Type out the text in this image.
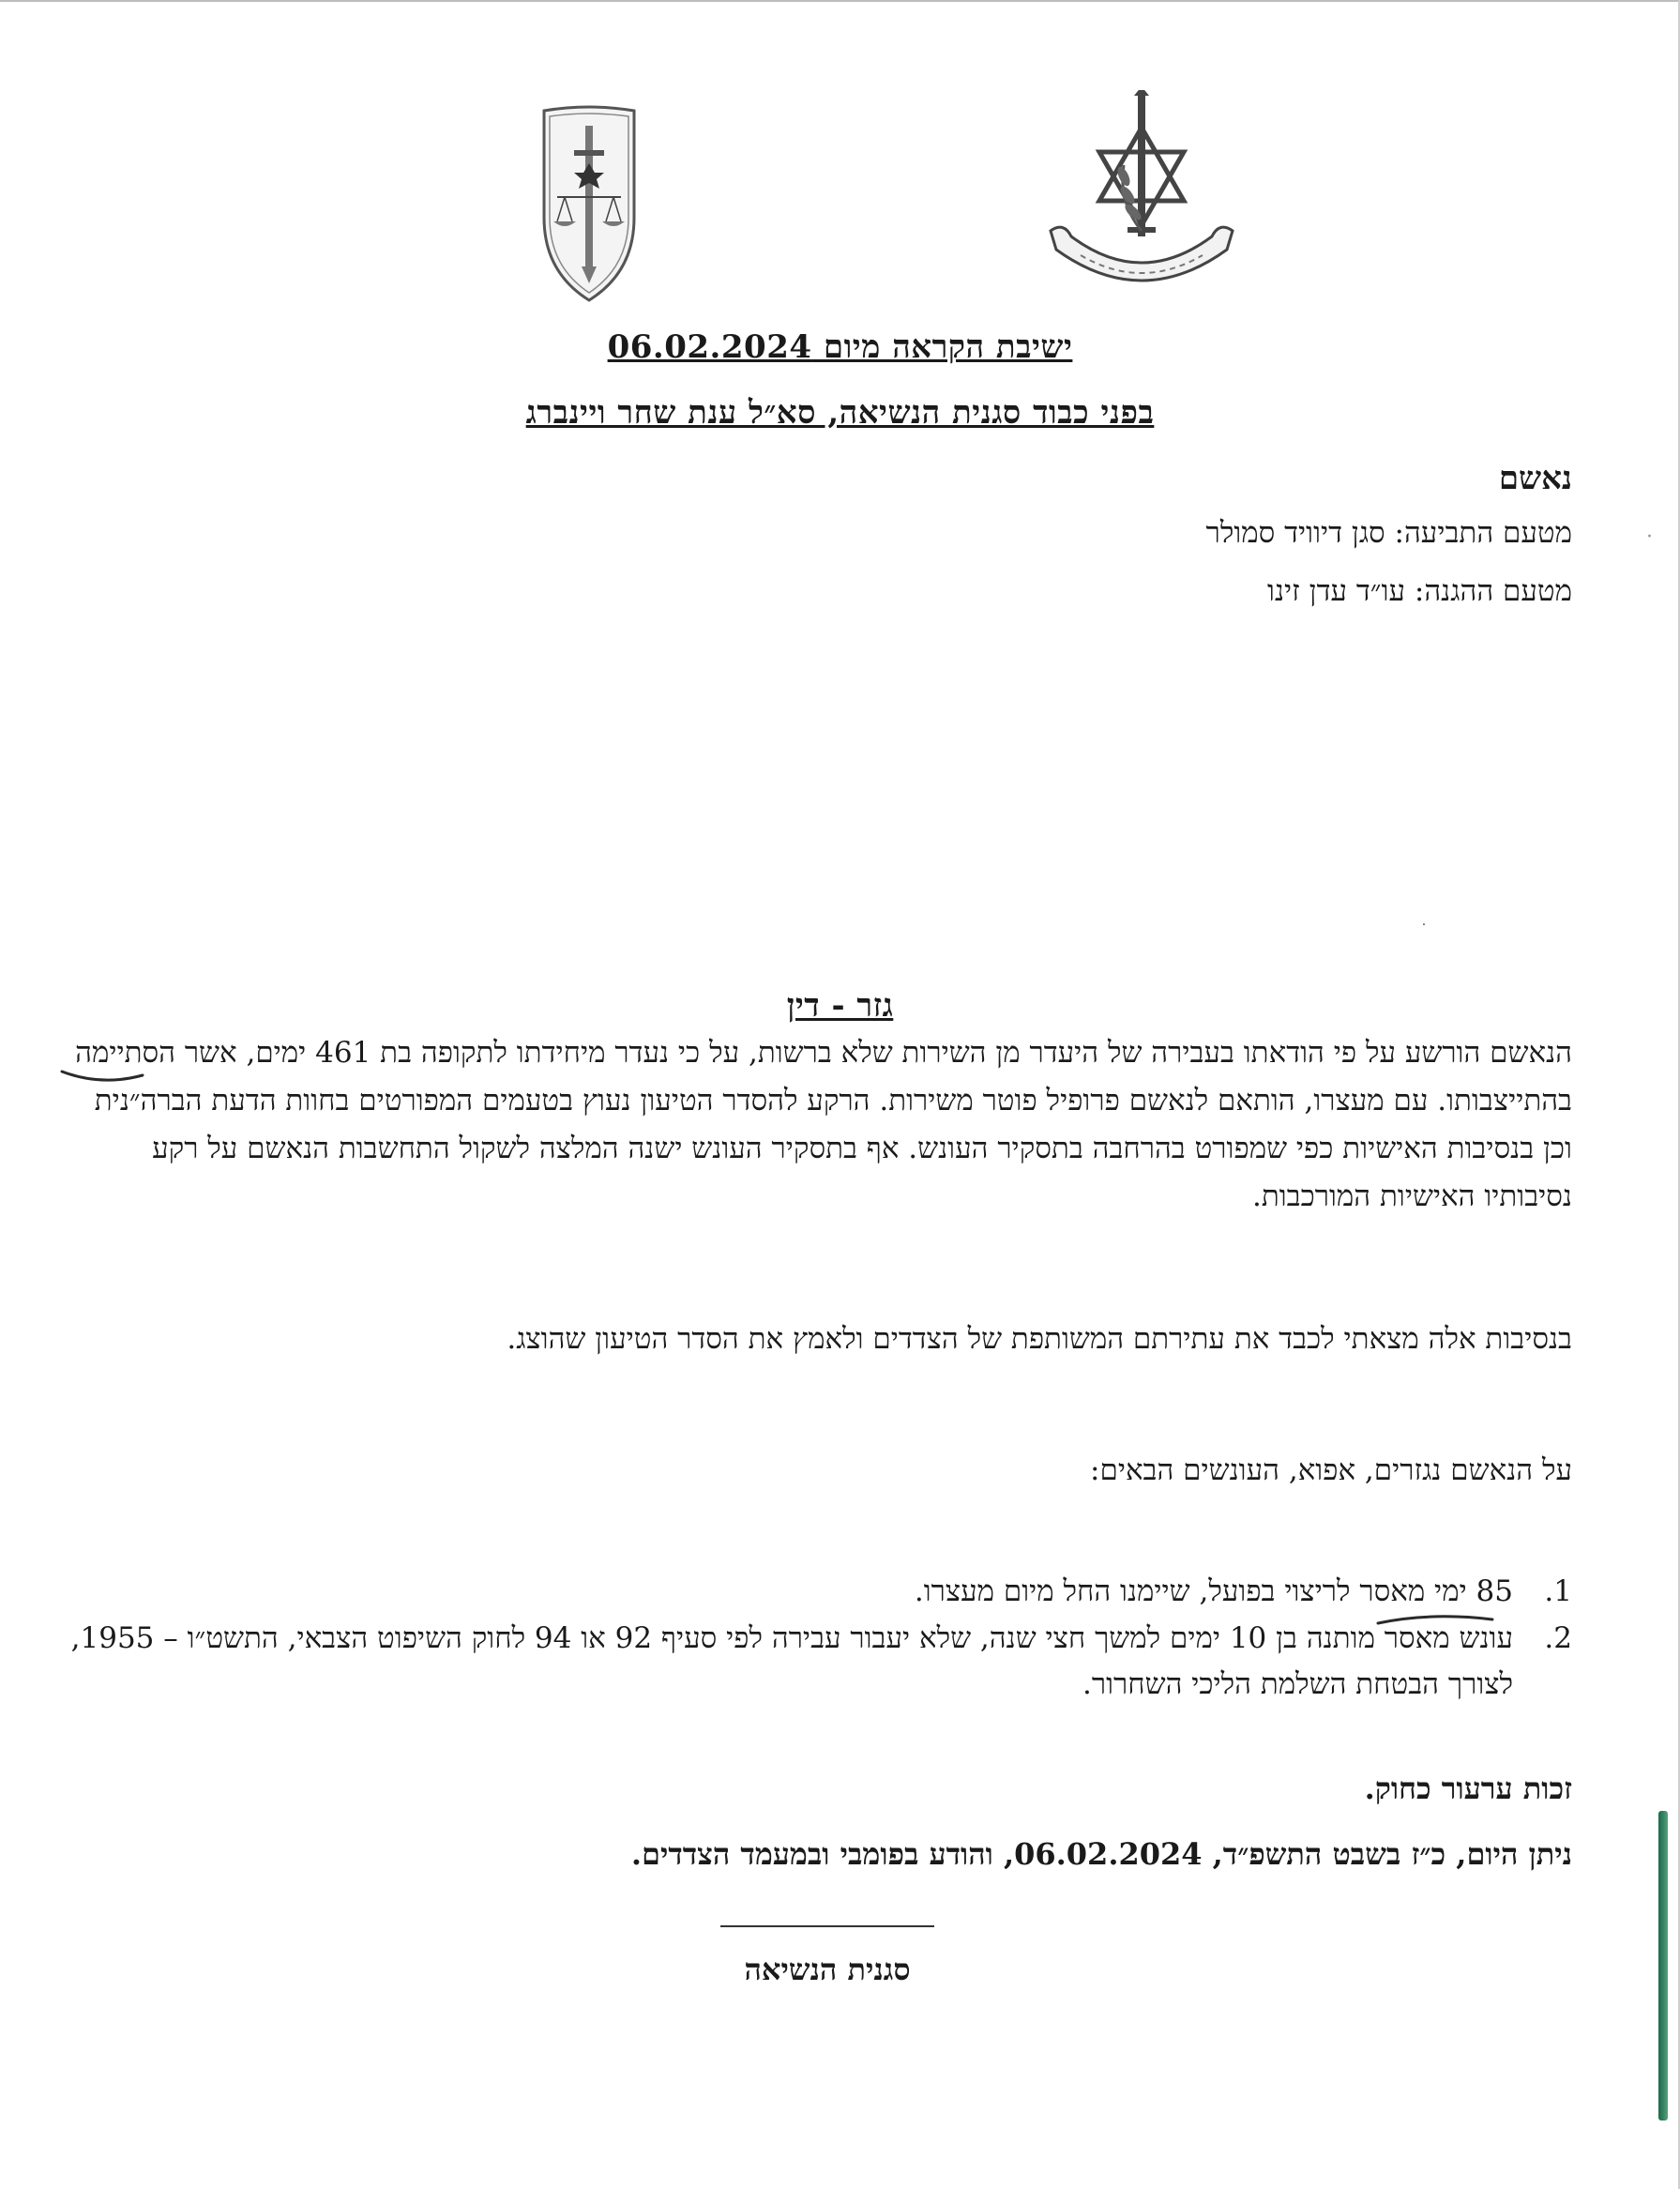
ישיבת הקראה מיום 06.02.2024
בפני כבוד סגנית הנשיאה, סא״ל ענת שחר ויינברג
נאשם
מטעם התביעה: סגן דיוויד סמולר
מטעם ההגנה: עו״ד עדן זינו
·
גזר - דין
הנאשם הורשע על פי הודאתו בעבירה של היעדר מן השירות שלא ברשות, על כי נעדר מיחידתו לתקופה בת 461 ימים, אשר הסתיימה בהתייצבותו. עם מעצרו, הותאם לנאשם פרופיל פוטר משירות. הרקע להסדר הטיעון נעוץ בטעמים המפורטים בחוות הדעת הברה״נית וכן בנסיבות האישיות כפי שמפורט בהרחבה בתסקיר העונש. אף בתסקיר העונש ישנה המלצה לשקול התחשבות הנאשם על רקע נסיבותיו האישיות המורכבות.
בנסיבות אלה מצאתי לכבד את עתירתם המשותפת של הצדדים ולאמץ את הסדר הטיעון שהוצג.
על הנאשם נגזרים, אפוא, העונשים הבאים:
1.
85 ימי מאסר לריצוי בפועל, שיימנו החל מיום מעצרו.
2.
עונש מאסר מותנה בן 10 ימים למשך חצי שנה, שלא יעבור עבירה לפי סעיף 92 או 94 לחוק השיפוט הצבאי, התשט״ו – 1955, לצורך הבטחת השלמת הליכי השחרור.
זכות ערעור כחוק.
ניתן היום, כ״ז בשבט התשפ״ד, 06.02.2024, והודע בפומבי ובמעמד הצדדים.
סגנית הנשיאה
